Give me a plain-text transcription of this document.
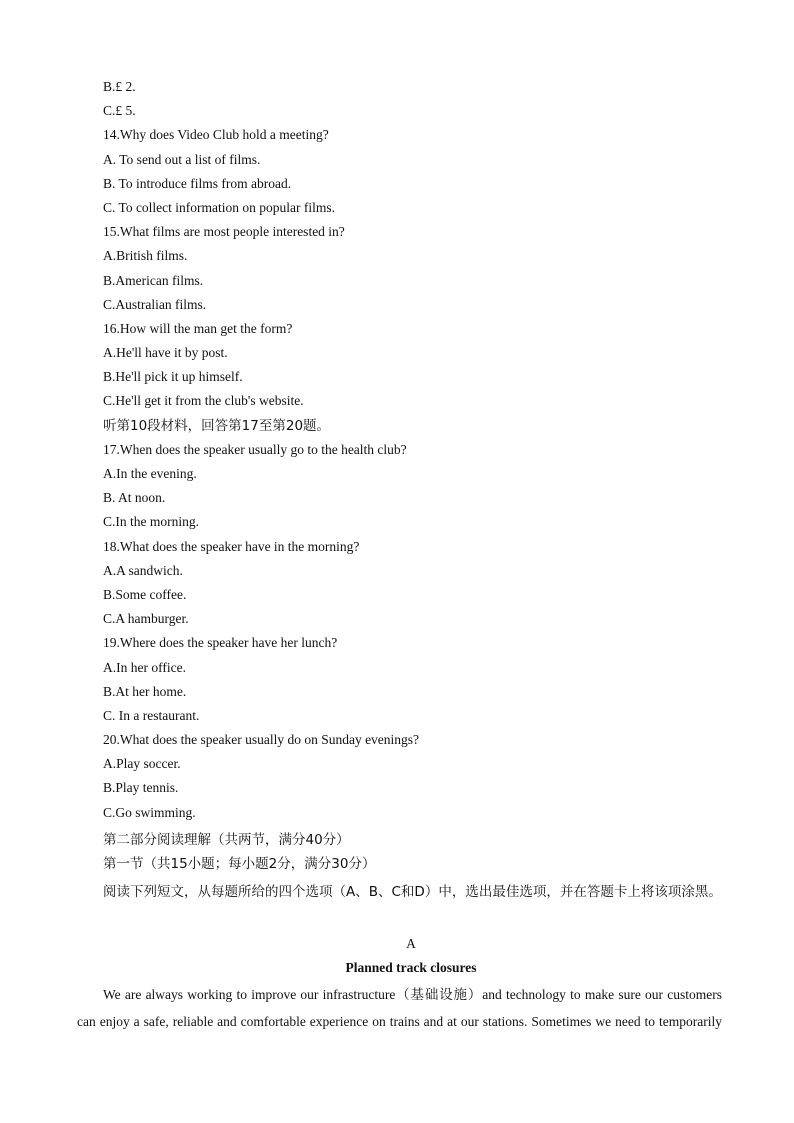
B.£ 2.
C.£ 5.
14.Why does Video Club hold a meeting?
A. To send out a list of films.
B. To introduce films from abroad.
C. To collect information on popular films.
15.What films are most people interested in?
A.British films.
B.American films.
C.Australian films.
16.How will the man get the form?
A.He'll have it by post.
B.He'll pick it up himself.
C.He'll get it from the club's website.
听第10段材料，回答第17至第20题。
17.When does the speaker usually go to the health club?
A.In the evening.
B. At noon.
C.In the morning.
18.What does the speaker have in the morning?
A.A sandwich.
B.Some coffee.
C.A hamburger.
19.Where does the speaker have her lunch?
A.In her office.
B.At her home.
C. In a restaurant.
20.What does the speaker usually do on Sunday evenings?
A.Play soccer.
B.Play tennis.
C.Go swimming.
第二部分阅读理解（共两节，满分40分）
第一节（共15小题；每小题2分，满分30分）
阅读下列短文，从每题所给的四个选项（A、B、C和D）中，选出最佳选项，并在答题卡上将该项涂黑。
A
Planned track closures
We are always working to improve our infrastructure（基础设施）and technology to make sure our customers
can enjoy a safe, reliable and comfortable experience on trains and at our stations. Sometimes we need to temporarily
